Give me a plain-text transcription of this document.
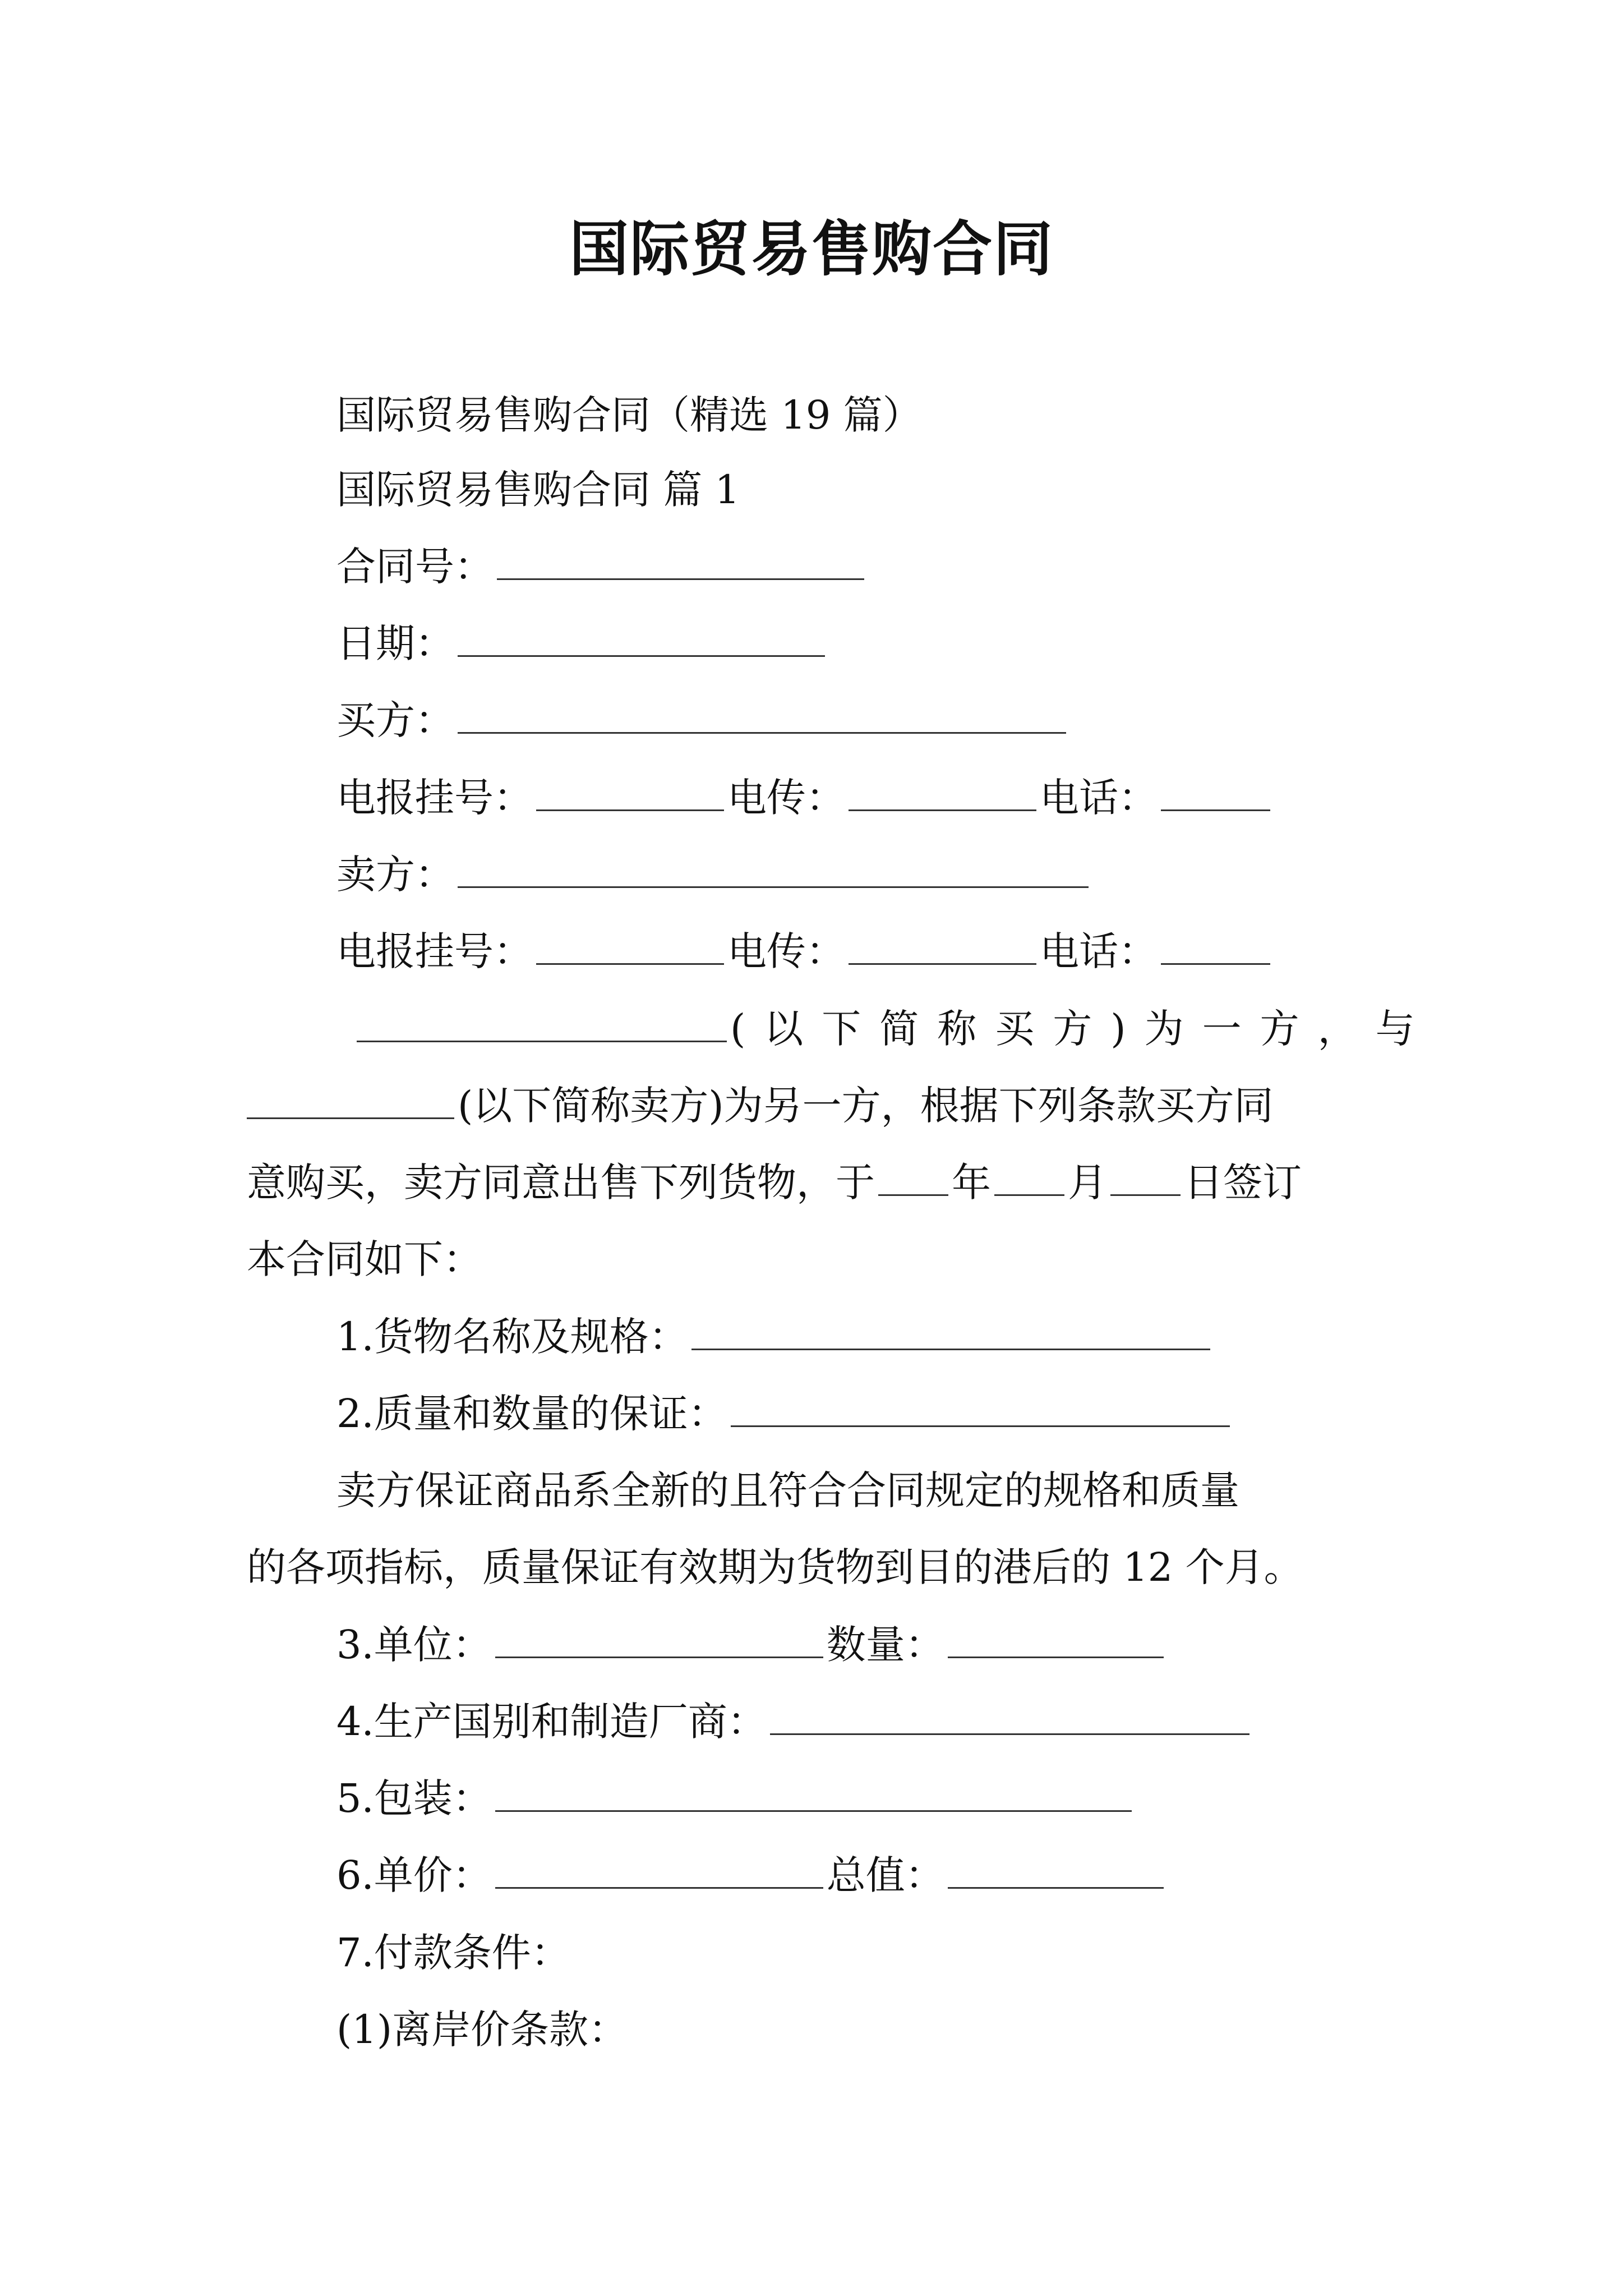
国际贸易售购合同
国际贸易售购合同（精选 19 篇）
国际贸易售购合同 篇 1
合同号：
日期：
买方：
电报挂号：	电传：	电话：
卖方：
电报挂号：	电传：	电话：
(以下简称买方)为一方，与
(以下简称卖方)为另一方，根据下列条款买方同
意购买，卖方同意出售下列货物，于 年 月 日签订
本合同如下：
1.货物名称及规格：
2.质量和数量的保证：
卖方保证商品系全新的且符合合同规定的规格和质量
的各项指标，质量保证有效期为货物到目的港后的 12 个月。
3.单位：	数量：
4.生产国别和制造厂商：
5.包装：
6.单价：	总值：
7.付款条件：
(1)离岸价条款：
